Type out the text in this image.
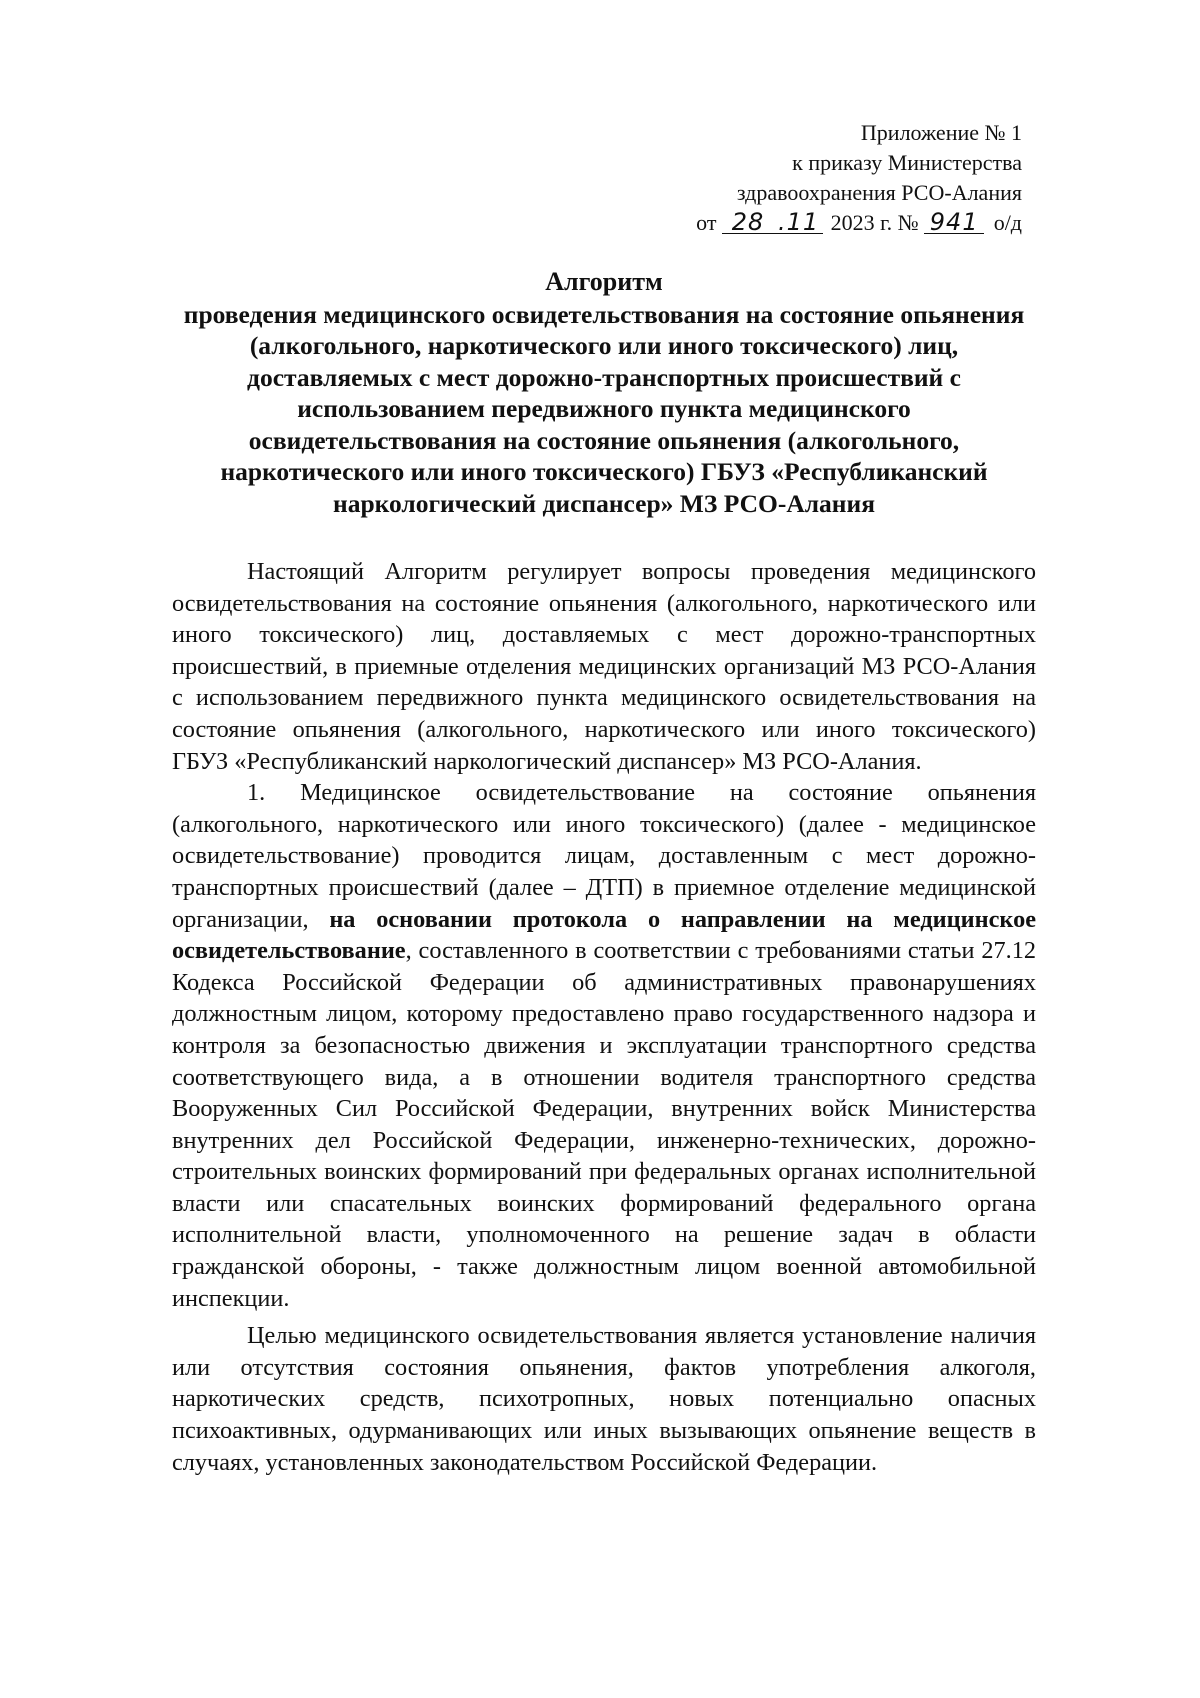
Приложение № 1
к приказу Министерства
здравоохранения РСО-Алания
от 28 .11 2023 г. № 941 о/д
Алгоритм
проведения медицинского освидетельствования на состояние опьянения
(алкогольного, наркотического или иного токсического) лиц,
доставляемых с мест дорожно-транспортных происшествий с
использованием передвижного пункта медицинского
освидетельствования на состояние опьянения (алкогольного,
наркотического или иного токсического) ГБУЗ «Республиканский
наркологический диспансер» МЗ РСО-Алания

Настоящий Алгоритм регулирует вопросы проведения медицинского освидетельствования на состояние опьянения (алкогольного, наркотического или иного токсического) лиц, доставляемых с мест дорожно-транспортных происшествий, в приемные отделения медицинских организаций МЗ РСО-Алания с использованием передвижного пункта медицинского освидетельствования на состояние опьянения (алкогольного, наркотического или иного токсического) ГБУЗ «Республиканский наркологический диспансер» МЗ РСО-Алания.

1. Медицинское освидетельствование на состояние опьянения (алкогольного, наркотического или иного токсического) (далее - медицинское освидетельствование) проводится лицам, доставленным с мест дорожно-транспортных происшествий (далее – ДТП) в приемное отделение медицинской организации, на основании протокола о направлении на медицинское освидетельствование, составленного в соответствии с требованиями статьи 27.12 Кодекса Российской Федерации об административных правонарушениях должностным лицом, которому предоставлено право государственного надзора и контроля за безопасностью движения и эксплуатации транспортного средства соответствующего вида, а в отношении водителя транспортного средства Вооруженных Сил Российской Федерации, внутренних войск Министерства внутренних дел Российской Федерации, инженерно-технических, дорожно-строительных воинских формирований при федеральных органах исполнительной власти или спасательных воинских формирований федерального органа исполнительной власти, уполномоченного на решение задач в области гражданской обороны, - также должностным лицом военной автомобильной инспекции.

Целью медицинского освидетельствования является установление наличия или отсутствия состояния опьянения, фактов употребления алкоголя, наркотических средств, психотропных, новых потенциально опасных психоактивных, одурманивающих или иных вызывающих опьянение веществ в случаях, установленных законодательством Российской Федерации.
